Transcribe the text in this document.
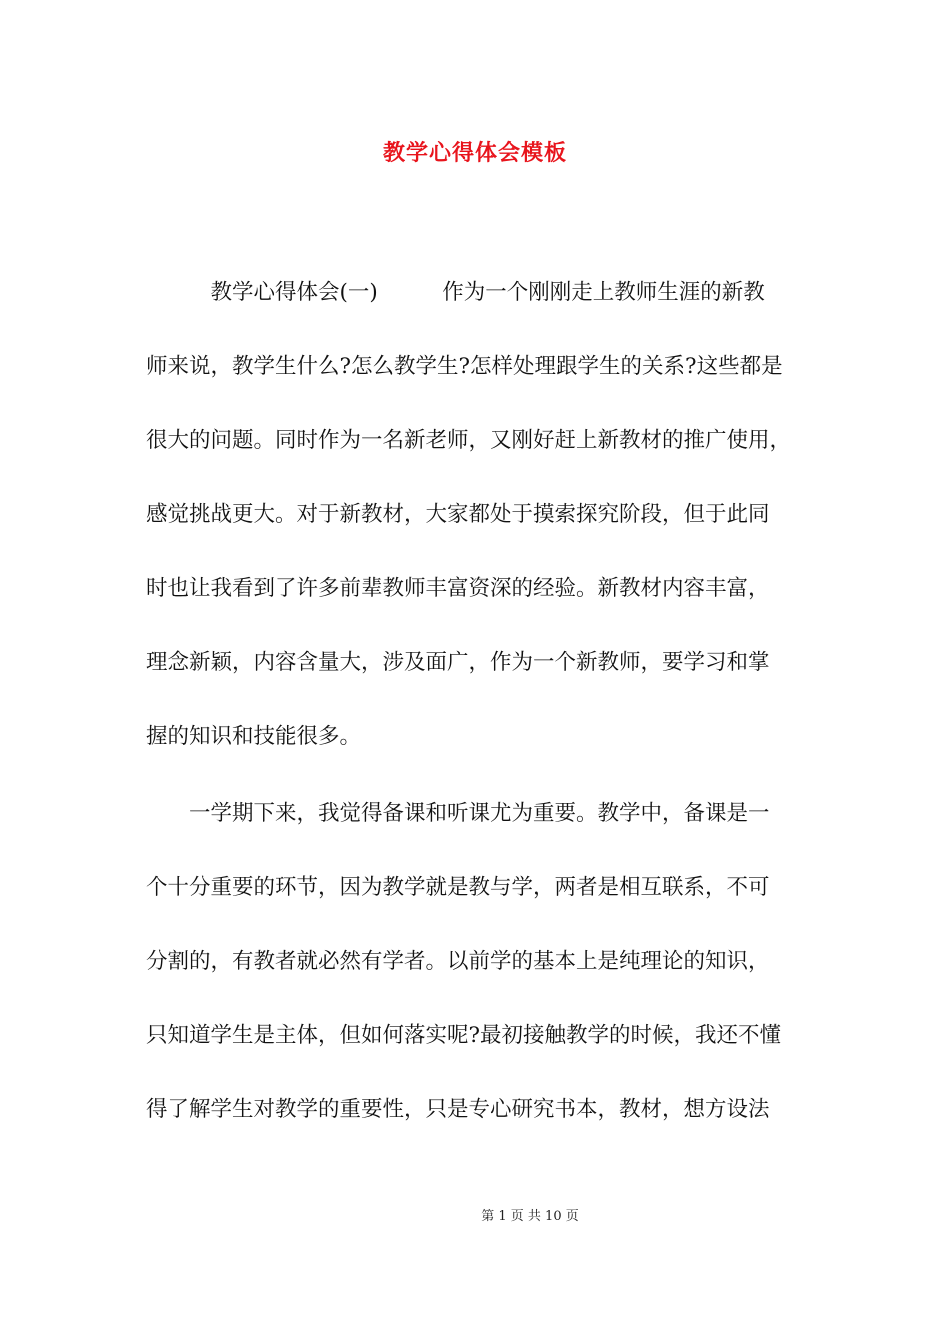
教学心得体会模板
　　　教学心得体会(一)　　　作为一个刚刚走上教师生涯的新教
师来说，教学生什么?怎么教学生?怎样处理跟学生的关系?这些都是
很大的问题。同时作为一名新老师，又刚好赶上新教材的推广使用，
感觉挑战更大。对于新教材，大家都处于摸索探究阶段，但于此同
时也让我看到了许多前辈教师丰富资深的经验。新教材内容丰富，
理念新颖，内容含量大，涉及面广，作为一个新教师，要学习和掌
握的知识和技能很多。
　　一学期下来，我觉得备课和听课尤为重要。教学中，备课是一
个十分重要的环节，因为教学就是教与学，两者是相互联系，不可
分割的，有教者就必然有学者。以前学的基本上是纯理论的知识，
只知道学生是主体，但如何落实呢?最初接触教学的时候，我还不懂
得了解学生对教学的重要性，只是专心研究书本，教材，想方设法
第 1 页 共 10 页
